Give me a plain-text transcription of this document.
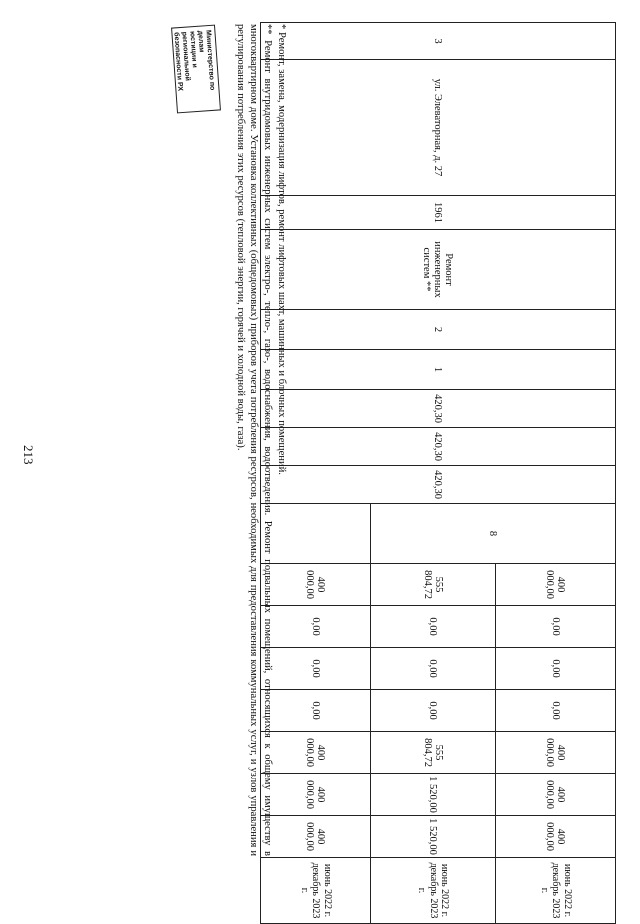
213
3	ул. Элеваторная, д. 27	1961	Ремонт инженерных систем **	2	1	420,30	420,30	420,30	8	400 000,00	0,00	0,00	0,00	400 000,00	400 000,00	400 000,00	июнь 2022 г.
декабрь 2023 г.
										555 804,72	0,00	0,00	0,00	555 804,72	1 520,00	1 520,00	июнь 2022 г.
декабрь 2023 г.
										400 000,00	0,00	0,00	0,00	400 000,00	400 000,00	400 000,00	июнь 2022 г.
декабрь 2023 г.

* Ремонт, замена, модернизация лифтов, ремонт лифтовых шахт, машинных и блочных помещений.

** Ремонт внутридомовых инженерных систем электро-, тепло-, газо-, водоснабжения, водоотведения. Ремонт подвальных помещений, относящихся к общему имуществу в многоквартирном доме. Установка коллективных (общедомовых) приборов учета потребления ресурсов, необходимых для предоставления коммунальных услуг, и узлов управления и регулирования потребления этих ресурсов (тепловой энергии, горячей и холодной воды, газа).

Министерство по делам
юстиции и региональной
безопасности РХ
